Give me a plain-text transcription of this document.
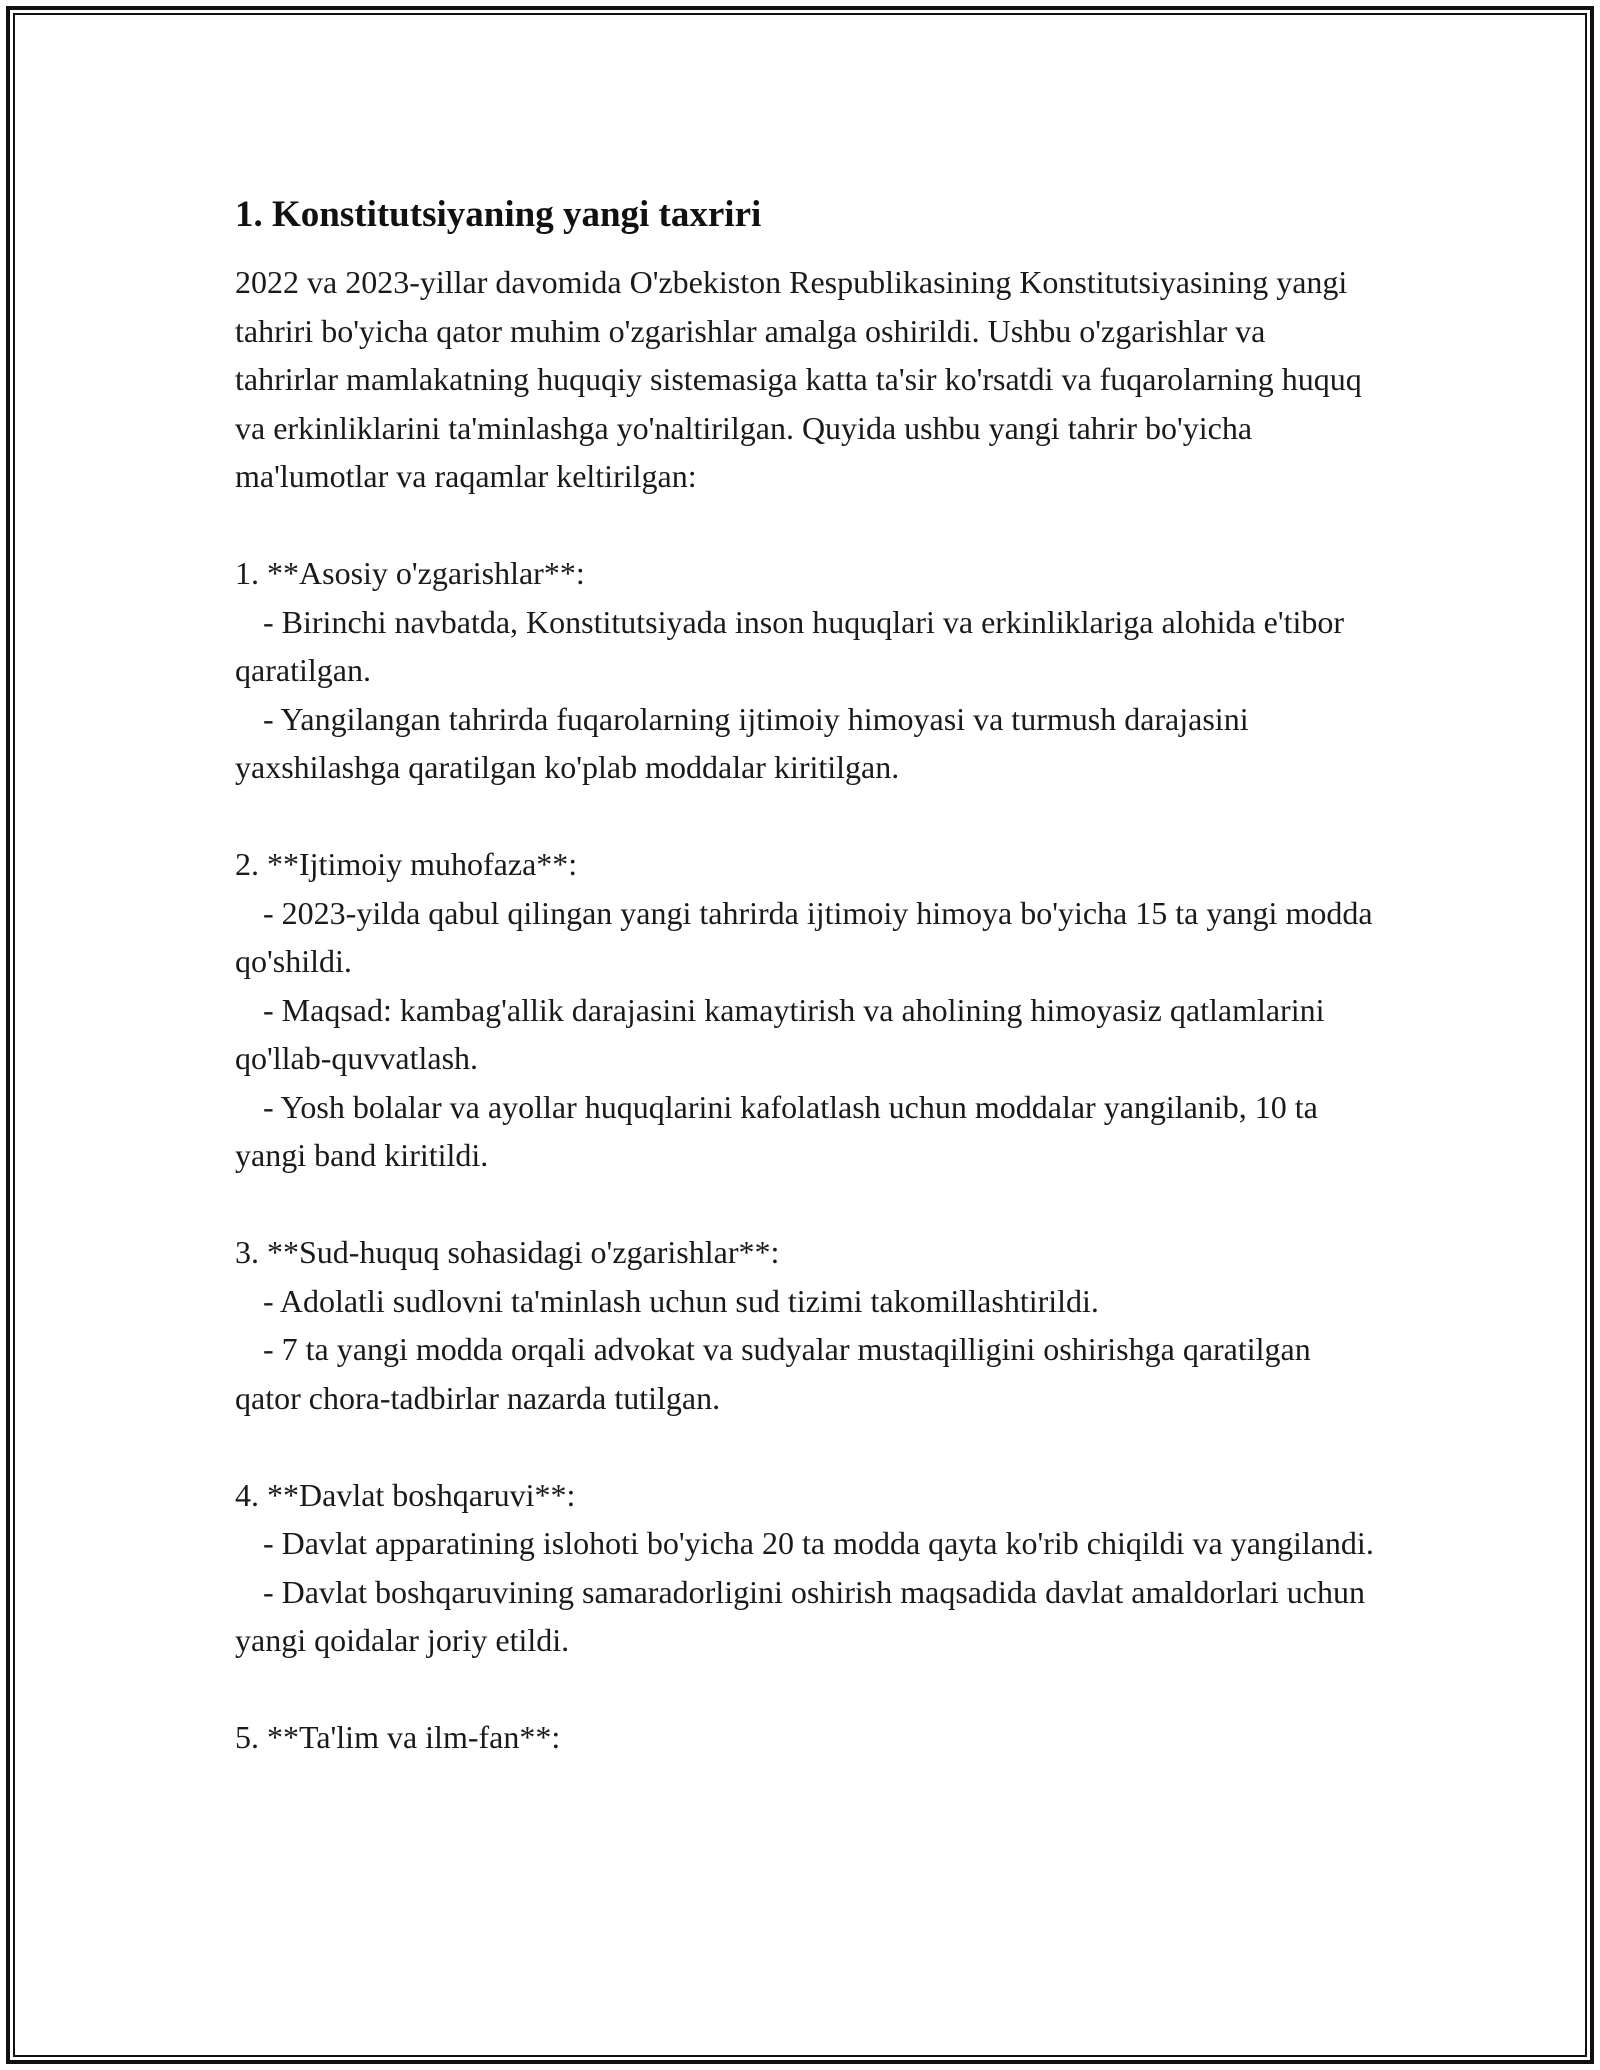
1. Konstitutsiyaning yangi taxriri

2022 va 2023-yillar davomida O'zbekiston Respublikasining Konstitutsiyasining yangi tahriri bo'yicha qator muhim o'zgarishlar amalga oshirildi. Ushbu o'zgarishlar va tahrirlar mamlakatning huquqiy sistemasiga katta ta'sir ko'rsatdi va fuqarolarning huquq va erkinliklarini ta'minlashga yo'naltirilgan. Quyida ushbu yangi tahrir bo'yicha ma'lumotlar va raqamlar keltirilgan:

1. **Asosiy o'zgarishlar**:

- Birinchi navbatda, Konstitutsiyada inson huquqlari va erkinliklariga alohida e'tibor qaratilgan.

- Yangilangan tahrirda fuqarolarning ijtimoiy himoyasi va turmush darajasini yaxshilashga qaratilgan ko'plab moddalar kiritilgan.

2. **Ijtimoiy muhofaza**:

- 2023-yilda qabul qilingan yangi tahrirda ijtimoiy himoya bo'yicha 15 ta yangi modda qo'shildi.

- Maqsad: kambag'allik darajasini kamaytirish va aholining himoyasiz qatlamlarini qo'llab-quvvatlash.

- Yosh bolalar va ayollar huquqlarini kafolatlash uchun moddalar yangilanib, 10 ta yangi band kiritildi.

3. **Sud-huquq sohasidagi o'zgarishlar**:

- Adolatli sudlovni ta'minlash uchun sud tizimi takomillashtirildi.

- 7 ta yangi modda orqali advokat va sudyalar mustaqilligini oshirishga qaratilgan qator chora-tadbirlar nazarda tutilgan.

4. **Davlat boshqaruvi**:

- Davlat apparatining islohoti bo'yicha 20 ta modda qayta ko'rib chiqildi va yangilandi.

- Davlat boshqaruvining samaradorligini oshirish maqsadida davlat amaldorlari uchun yangi qoidalar joriy etildi.

5. **Ta'lim va ilm-fan**:
